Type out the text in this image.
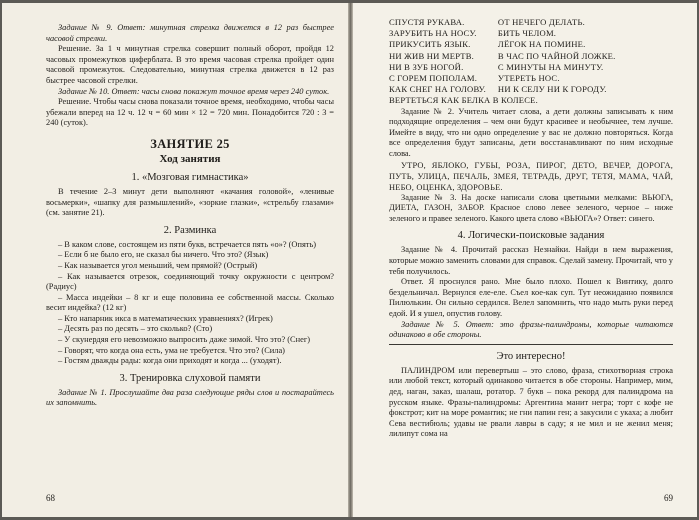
Задание № 9. Ответ: минутная стрелка движется в 12 раз быстрее часовой стрелки.

Решение. За 1 ч минутная стрелка совершит полный оборот, пройдя 12 часовых промежутков циферблата. В это время часовая стрелка пройдет один часовой промежуток. Следовательно, минутная стрелка движется в 12 раз быстрее часовой стрелки.

Задание № 10. Ответ: часы снова покажут точное время через 240 суток.

Решение. Чтобы часы снова показали точное время, необходимо, чтобы часы убежали вперед на 12 ч. 12 ч = 60 мин × 12 = 720 мин. Понадобится 720 : 3 = 240 (суток).

ЗАНЯТИЕ 25
Ход занятия
1. «Мозговая гимнастика»

В течение 2–3 минут дети выполняют «качания головой», «ленивые восьмерки», «шапку для размышлений», «зоркие глазки», «стрельбу глазами» (см. занятие 21).

2. Разминка

– В каком слове, состоящем из пяти букв, встречается пять «о»? (Опять)

– Если б не было его, не сказал бы ничего. Что это? (Язык)

– Как называется угол меньший, чем прямой? (Острый)

– Как называется отрезок, соединяющий точку окружности с центром? (Радиус)

– Масса индейки – 8 кг и еще половина ее собственной массы. Сколько весит индейка? (12 кг)

– Кто напарник икса в математических уравнениях? (Игрек)

– Десять раз по десять – это сколько? (Сто)

– У скунердяя его невозможно выпросить даже зимой. Что это? (Снег)

– Говорят, что когда она есть, ума не требуется. Что это? (Сила)

– Гостям дважды рады: когда они приходят и когда ... (уходят).

3. Тренировка слуховой памяти

Задание № 1. Прослушайте два раза следующие ряды слов и постарайтесь их запомнить.

68
СПУСТЯ РУКАВА.
ЗАРУБИТЬ НА НОСУ.
ПРИКУСИТЬ ЯЗЫК.
НИ ЖИВ НИ МЕРТВ.
НИ В ЗУБ НОГОЙ.
С ГОРЕМ ПОПОЛАМ.
КАК СНЕГ НА ГОЛОВУ.
ОТ НЕЧЕГО ДЕЛАТЬ.
БИТЬ ЧЕЛОМ.
ЛЁГОК НА ПОМИНЕ.
В ЧАС ПО ЧАЙНОЙ ЛОЖКЕ.
С МИНУТЫ НА МИНУТУ.
УТЕРЕТЬ НОС.
НИ К СЕЛУ НИ К ГОРОДУ.
ВЕРТЕТЬСЯ КАК БЕЛКА В КОЛЕСЕ.

Задание № 2. Учитель читает слова, а дети должны записывать к ним подходящие определения – чем они будут красивее и необычнее, тем лучше. Имейте в виду, что ни одно определение у вас не должно повторяться. Когда все определения будут записаны, дети восстанавливают по ним исходные слова.

УТРО, ЯБЛОКО, ГУБЫ, РОЗА, ПИРОГ, ДЕТО, ВЕЧЕР, ДОРОГА, ПУТЬ, УЛИЦА, ПЕЧАЛЬ, ЗМЕЯ, ТЕТРАДЬ, ДРУГ, ТЕТЯ, МАМА, ЧАЙ, НЕБО, ОЦЕНКА, ЗДОРОВЬЕ.

Задание № 3. На доске написали слова цветными мелками: ВЬЮГА, ДИЕТА, ГАЗОН, ЗАБОР. Красное слово левее зеленого, черное – ниже зеленого и правее зеленого. Какого цвета слово «ВЬЮГА»? Ответ: синего.

4. Логически-поисковые задания

Задание № 4. Прочитай рассказ Незнайки. Найди в нем выражения, которые можно заменить словами для справок. Сделай замену. Прочитай, что у тебя получилось.

Ответ. Я проснулся рано. Мне было плохо. Пошел к Винтику, долго бездельничал. Вернулся еле-еле. Съел кое-как суп. Тут неожиданно появился Пилюлькин. Он сильно сердился. Велел запомнить, что надо мыть руки перед едой. И я ушел, опустив голову.

Задание № 5. Ответ: это фразы-палиндромы, которые читаются одинаково в обе стороны.

Это интересно!

ПАЛИНДРОМ или перевертыш – это слово, фраза, стихотворная строка или любой текст, который одинаково читается в обе стороны. Например, мим, дед, наган, заказ, шалаш, ротатор. 7 букв – пока рекорд для палиндрома на русском языке. Фразы-палиндромы: Аргентина манит негра; торт с кофе не фокстрот; кит на море романтик; не гни папин ген; а закусили с укаха; а любит Сева вестибюль; удавы не рвали лавры в саду; я не мил и не женил меня; лилипут сома на

69
